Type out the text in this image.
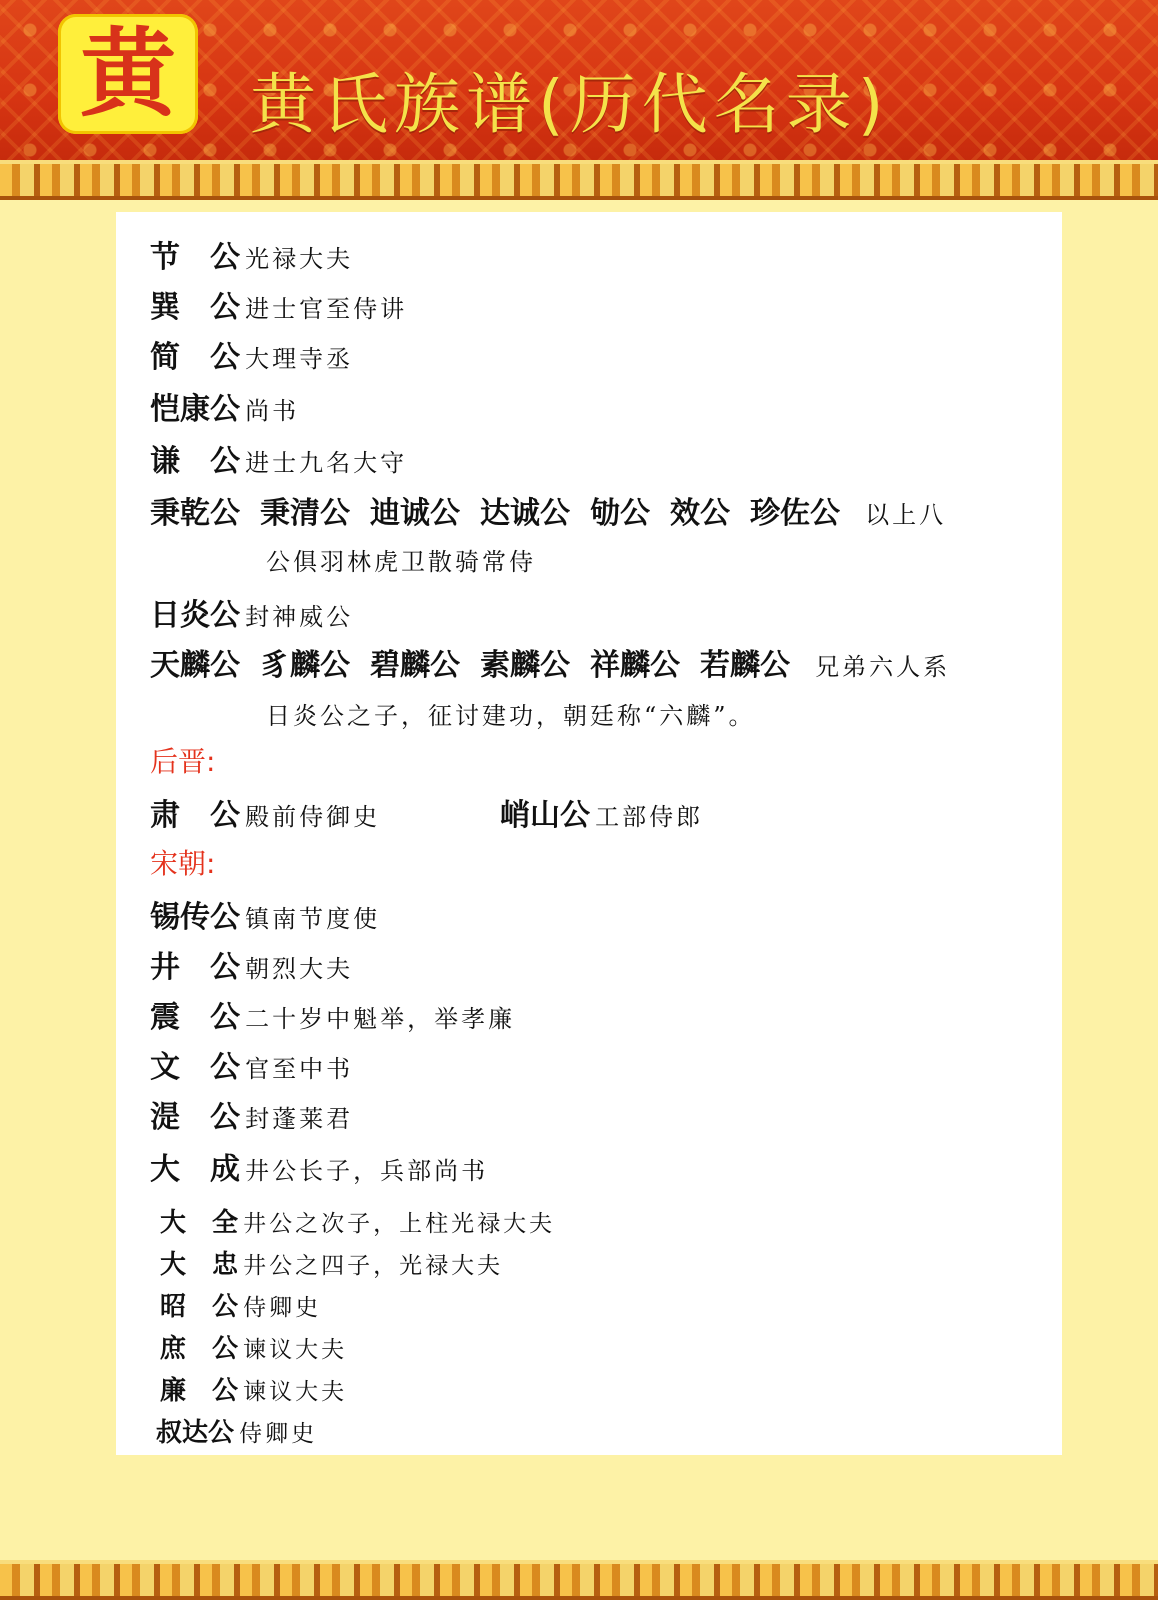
黄 黄氏族谱(历代名录)
节　公 光禄大夫
巽　公 进士官至侍讲
简　公 大理寺丞
恺康公 尚书
谦　公 进士九名大守
秉乾公 秉清公 迪诚公 达诚公 劬公 效公 珍佐公 以上八
公俱羽林虎卫散骑常侍
日炎公 封神威公
天麟公 豸麟公 碧麟公 素麟公 祥麟公 若麟公 兄弟六人系
日炎公之子，征讨建功，朝廷称“六麟”。
后晋:
肃　公 殿前侍御史	峭山公 工部侍郎
宋朝:
锡传公 镇南节度使
井　公 朝烈大夫
震　公 二十岁中魁举，举孝廉
文　公 官至中书
湜　公 封蓬莱君
大　成 井公长子，兵部尚书
大　全 井公之次子，上柱光禄大夫
大　忠 井公之四子，光禄大夫
昭　公 侍卿史
庶　公 谏议大夫
廉　公 谏议大夫
叔达公 侍卿史
